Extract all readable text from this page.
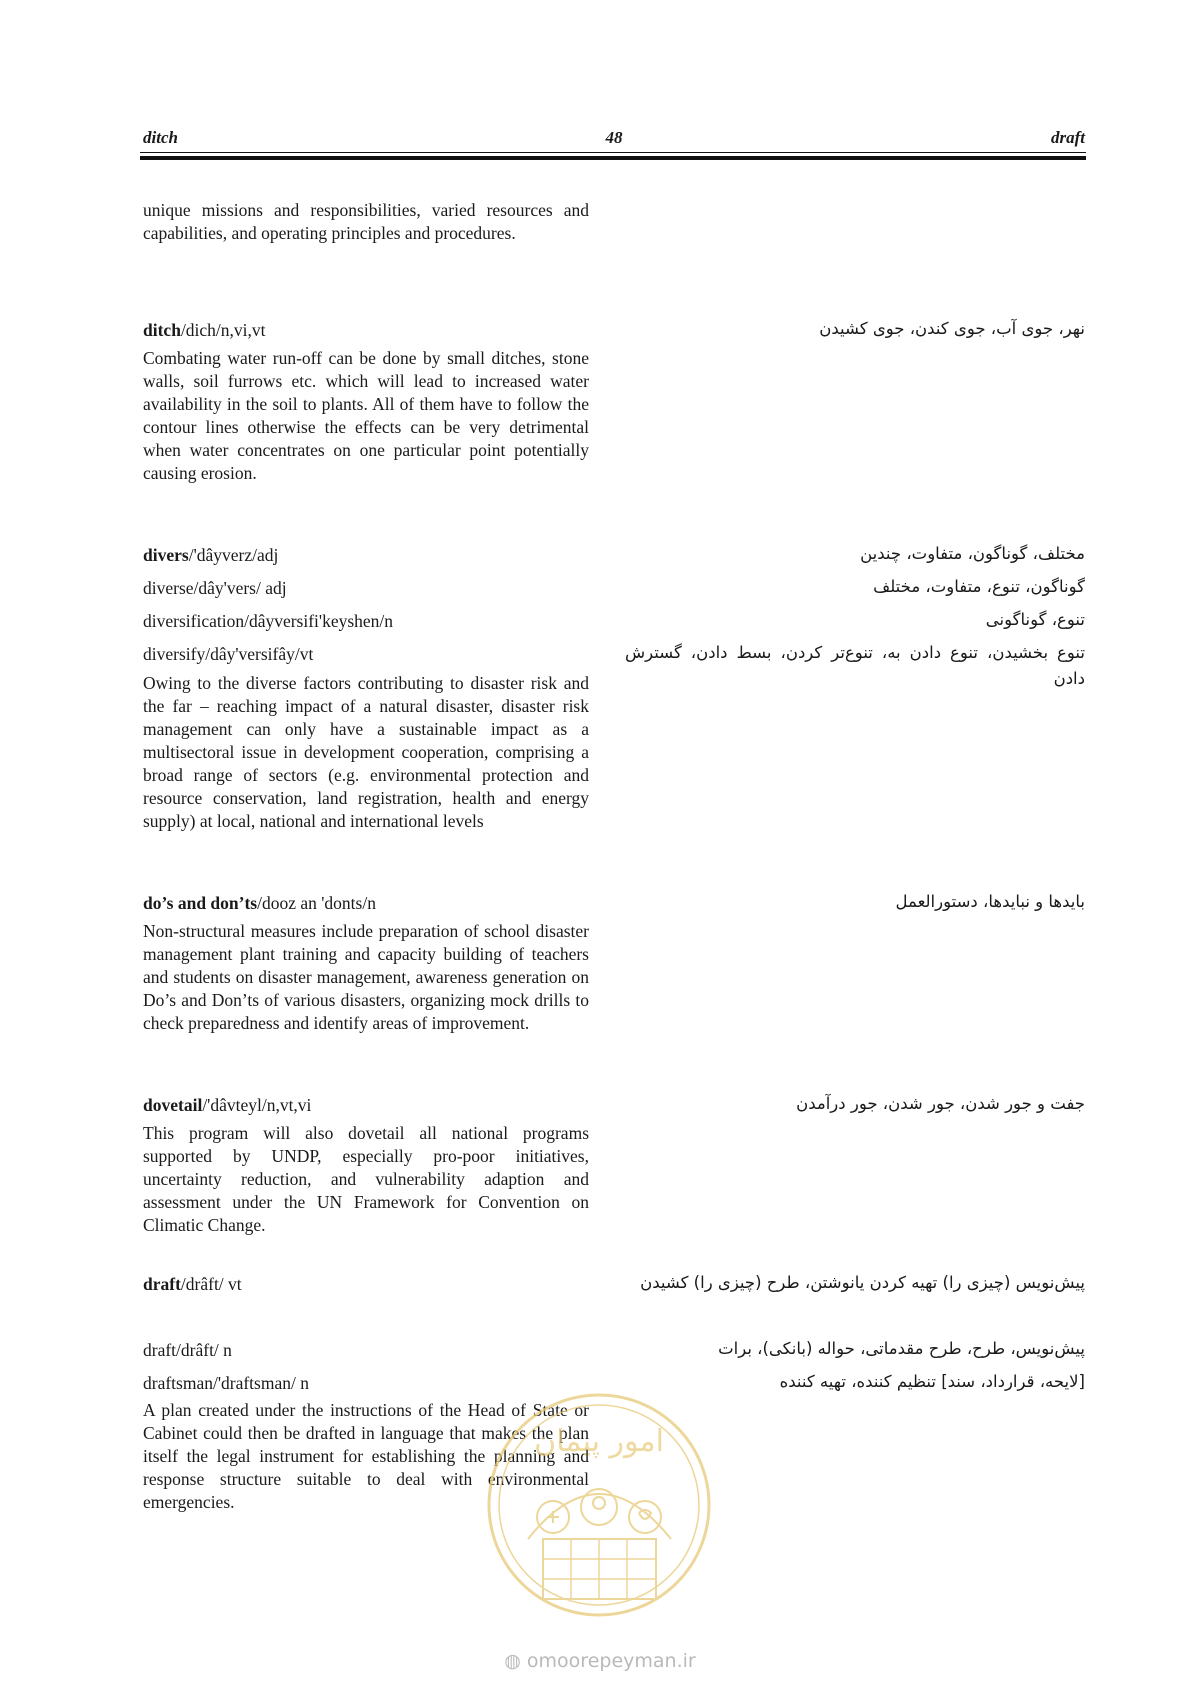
ditch	48	draft
unique missions and responsibilities, varied resources and capabilities, and operating principles and procedures.
ditch/dich/n,vi,vt	نهر، جوی آب، جوی کندن، جوی کشیدن
Combating water run-off can be done by small ditches, stone walls, soil furrows etc. which will lead to increased water availability in the soil to plants. All of them have to follow the contour lines otherwise the effects can be very detrimental when water concentrates on one particular point potentially causing erosion.
divers/'dâyverz/adj	مختلف، گوناگون، متفاوت، چندین
diverse/dây'vers/ adj	گوناگون، تنوع، متفاوت، مختلف
diversification/dâyversifi'keyshen/n	تنوع، گوناگونی
diversify/dây'versifây/vt	تنوع بخشیدن، تنوع دادن به، تنوع‌تر کردن، بسط دادن، گسترش دادن
Owing to the diverse factors contributing to disaster risk and the far – reaching impact of a natural disaster, disaster risk management can only have a sustainable impact as a multisectoral issue in development cooperation, comprising a broad range of sectors (e.g. environmental protection and resource conservation, land registration, health and energy supply) at local, national and international levels
do’s and don’ts/dooz an 'donts/n	بایدها و نبایدها، دستورالعمل
Non-structural measures include preparation of school disaster management plant training and capacity building of teachers and students on disaster management, awareness generation on Do’s and Don’ts of various disasters, organizing mock drills to check preparedness and identify areas of improvement.
dovetail/'dâvteyl/n,vt,vi	جفت و جور شدن، جور شدن، جور درآمدن
This program will also dovetail all national programs supported by UNDP, especially pro-poor initiatives, uncertainty reduction, and vulnerability adaption and assessment under the UN Framework for Convention on Climatic Change.
draft/drâft/ vt	پیش‌نویس (چیزی را) تهیه کردن یانوشتن، طرح (چیزی را) کشیدن
draft/drâft/ n	پیش‌نویس، طرح، طرح مقدماتی، حواله (بانکی)، برات
draftsman/'draftsman/ n	[لایحه، قرارداد، سند] تنظیم کننده، تهیه کننده
A plan created under the instructions of the Head of State or Cabinet could then be drafted in language that makes the plan itself the legal instrument for establishing the planning and response structure suitable to deal with environmental emergencies.
امور پیمان
◍ omoorepeyman.ir
